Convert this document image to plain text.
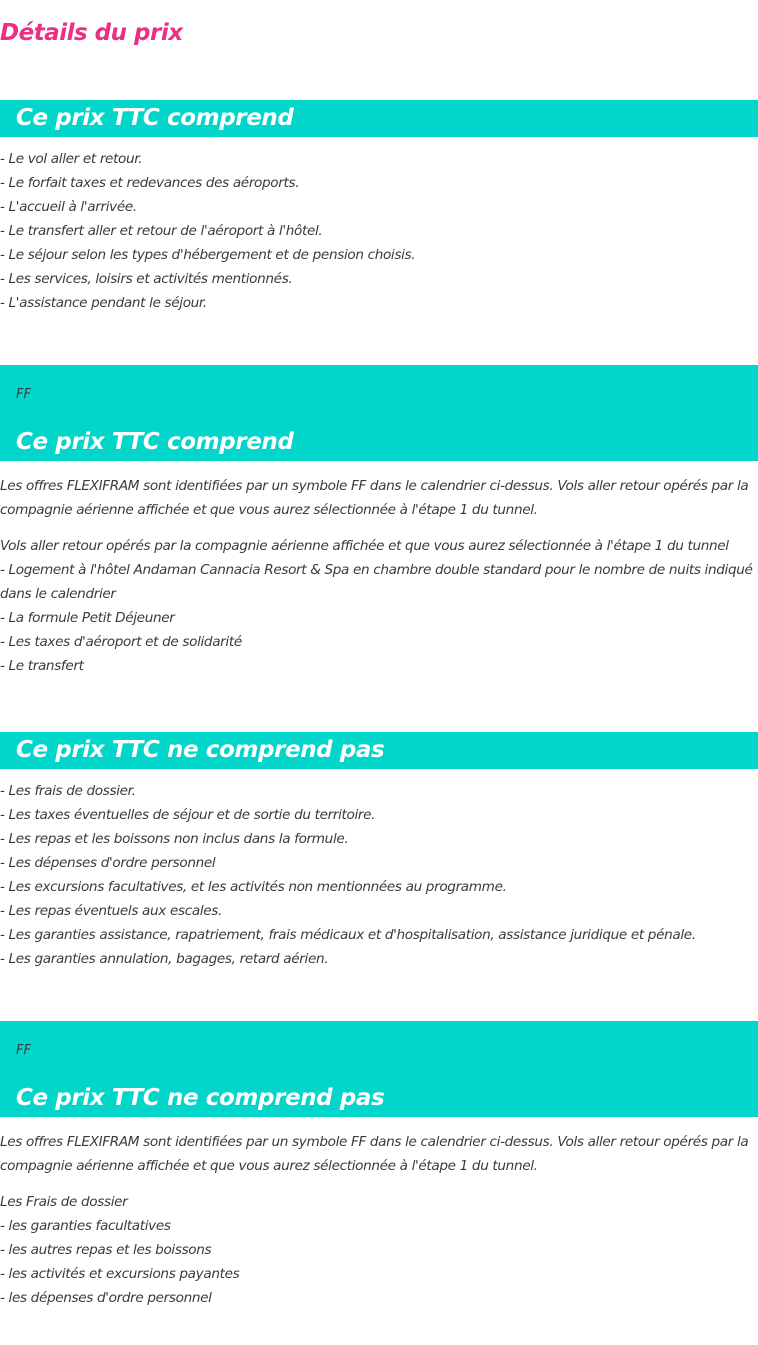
Détails du prix
Ce prix TTC comprend
- Le vol aller et retour.
- Le forfait taxes et redevances des aéroports.
- L'accueil à l'arrivée.
- Le transfert aller et retour de l'aéroport à l'hôtel.
- Le séjour selon les types d'hébergement et de pension choisis.
- Les services, loisirs et activités mentionnés.
- L'assistance pendant le séjour.
FF
Ce prix TTC comprend
Les offres FLEXIFRAM sont identifiées par un symbole FF dans le calendrier ci-dessus. Vols aller retour opérés par la compagnie aérienne affichée et que vous aurez sélectionnée à l'étape 1 du tunnel.
Vols aller retour opérés par la compagnie aérienne affichée et que vous aurez sélectionnée à l'étape 1 du tunnel
- Logement à l'hôtel Andaman Cannacia Resort & Spa en chambre double standard pour le nombre de nuits indiqué dans le calendrier
- La formule Petit Déjeuner
- Les taxes d'aéroport et de solidarité
- Le transfert
Ce prix TTC ne comprend pas
- Les frais de dossier.
- Les taxes éventuelles de séjour et de sortie du territoire.
- Les repas et les boissons non inclus dans la formule.
- Les dépenses d'ordre personnel
- Les excursions facultatives, et les activités non mentionnées au programme.
- Les repas éventuels aux escales.
- Les garanties assistance, rapatriement, frais médicaux et d'hospitalisation, assistance juridique et pénale.
- Les garanties annulation, bagages, retard aérien.
FF
Ce prix TTC ne comprend pas
Les offres FLEXIFRAM sont identifiées par un symbole FF dans le calendrier ci-dessus. Vols aller retour opérés par la compagnie aérienne affichée et que vous aurez sélectionnée à l'étape 1 du tunnel.
Les Frais de dossier
- les garanties facultatives
- les autres repas et les boissons
- les activités et excursions payantes
- les dépenses d'ordre personnel
